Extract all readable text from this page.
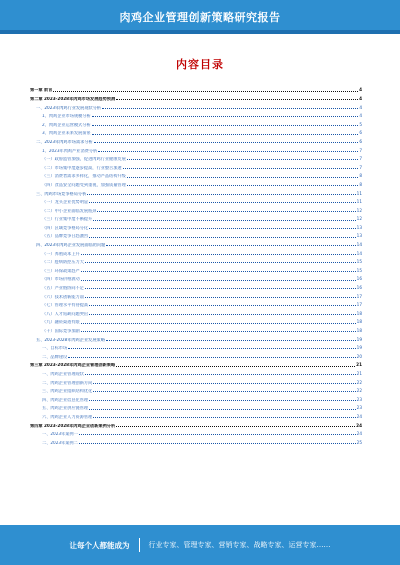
肉鸡企业管理创新策略研究报告
内容目录
第一章 前言	4
第二章 2023-2028年肉鸡市场发展趋势预测	4
一、2023年肉鸡行业发展现状分析	4
1、肉鸡企业市场规模分析	4
2、肉鸡企业运营模式分析	5
3、肉鸡企业未来发展前景	6
二、2023年肉鸡市场需求分析	6
1、2023年肉鸡产业消费分析	7
（一）政府监管加强，促进肉鸡行业健康发展	7
（二）市场集中度逐步提高，行业整合加速	7
（三）消费者需求多样化，推动产品结构升级	8
（四）食品安全问题受到重视，加强质量管理	8
三、肉鸡市场竞争格局分析	11
（一）龙头企业优势明显	11
（二）中小企业面临发展瓶颈	12
（三）行业集中度不断提升	12
（四）区域竞争格局分化	13
（五）品牌竞争日趋激烈	13
四、2023年肉鸡企业发展面临的问题	14
（一）养殖成本上升	14
（二）疫病防控压力大	15
（三）环保政策趋严	15
（四）市场价格波动	16
（五）产业链协同不足	16
（六）技术创新能力弱	17
（七）管理水平有待提高	17
（八）人才短缺问题突出	18
（九）融资渠道有限	18
（十）国际竞争加剧	18
五、2023-2028年肉鸡企业发展策略	19
一、目标市场	19
二、品牌建设	20
第三章 2023-2028年肉鸡企业管理创新策略	21
一、肉鸡企业管理现状	21
二、肉鸡企业管理创新方向	22
三、肉鸡企业组织结构优化	22
四、肉鸡企业信息化管理	23
五、肉鸡企业供应链管理	23
六、肉鸡企业人力资源管理	24
第四章 2023-2028年肉鸡企业创新案例分析	24
一、2023年案例一	24
二、2023年案例二	25
让每个人都能成为	行业专家、管理专家、营销专家、战略专家、运营专家……
